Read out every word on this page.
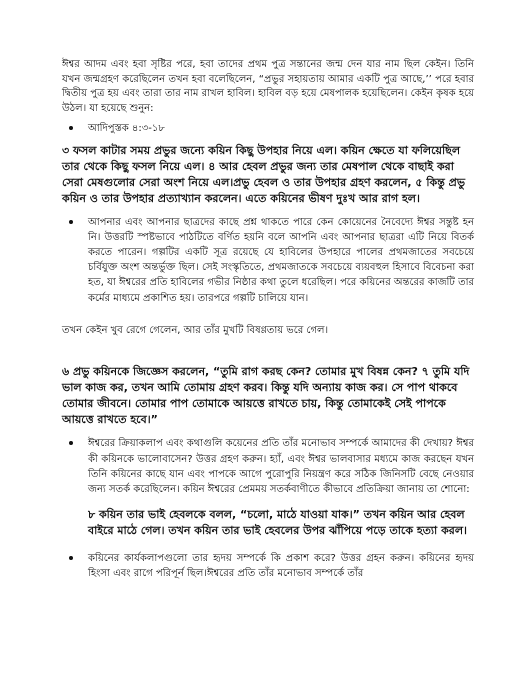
ঈশ্বর আদম এবং হবা সৃষ্টির পরে, হবা তাদের প্রথম পুত্র সন্তানের জন্ম দেন যার নাম ছিল কেইন। তিনি যখন জন্মগ্রহণ করেছিলেন তখন হবা বলেছিলেন, “প্রভুর সহায়তায় আমার একটি পুত্র আছে,’’ পরে হবার দ্বিতীয় পুত্র হয় এবং তারা তার নাম রাখল হাবিল। হাবিল বড় হয়ে মেষপালক হয়েছিলেন। কেইন কৃষক হয়ে উঠল। যা হয়েছে শুনুন:

আদিপুস্তক ৪:৩-১৮

৩ ফসল কাটার সময় প্রভুর জন্যে কয়িন কিছু উপহার নিয়ে এল। কয়িন ক্ষেতে যা ফলিয়েছিল তার থেকে কিছু ফসল নিয়ে এল। ৪ আর হেবল প্রভুর জন্য তার মেষপাল থেকে বাছাই করা সেরা মেষগুলোর সেরা অংশ নিয়ে এল।প্রভু হেবল ও তার উপহার গ্রহণ করলেন, ৫ কিন্তু প্রভু কয়িন ও তার উপহার প্রত্যাখ্যান করলেন। এতে কয়িনের ভীষণ দুঃখ আর রাগ হল।

আপনার এবং আপনার ছাত্রদের কাছে প্রশ্ন থাকতে পারে কেন কোয়েনের নৈবেদ্যে ঈশ্বর সন্তুষ্ট হন নি। উত্তরটি স্পষ্টভাবে পাঠটিতে বর্ণিত হয়নি বলে আপনি এবং আপনার ছাত্ররা এটি নিয়ে বিতর্ক করতে পারেন। গল্পটির একটি সূত্র রয়েছে যে হাবিলের উপহারে পালের প্রথমজাতের সবচেয়ে চর্বিযুক্ত অংশ অন্তর্ভুক্ত ছিল। সেই সংস্কৃতিতে, প্রথমজাতকে সবচেয়ে ব্যয়বহুল হিসাবে বিবেচনা করা হত, যা ঈশ্বরের প্রতি হাবিলের গভীর নিষ্ঠার কথা তুলে ধরেছিল। পরে কয়িনের অন্তরের কাজটি তার কর্মের মাধ্যমে প্রকাশিত হয়। তারপরে গল্পটি চালিয়ে যান।

তখন কেইন খুব রেগে গেলেন, আর তাঁর মুখটি বিষণ্ণতায় ভরে গেল।

৬ প্রভু কয়িনকে জিজ্ঞেস করলেন, “তুমি রাগ করছ কেন? তোমার মুখ বিষন্ন কেন? ৭ তুমি যদি ভাল কাজ কর, তখন আমি তোমায় গ্রহণ করব। কিন্তু যদি অন্যায় কাজ কর। সে পাপ থাকবে তোমার জীবনে। তোমার পাপ তোমাকে আয়ত্তে রাখতে চায়, কিন্তু তোমাকেই সেই পাপকে আয়ত্তে রাখতে হবে।”

ঈশ্বরের ক্রিয়াকলাপ এবং কথাগুলি কয়েনের প্রতি তাঁর মনোভাব সম্পর্কে আমাদের কী দেখায়? ঈশ্বর কী কয়িনকে ভালোবাসেন? উত্তর গ্রহণ করুন। হ্যাঁ, এবং ঈশ্বর ভালবাসার মধ্যমে কাজ করছেন যখন তিনি কয়িনের কাছে যান এবং পাপকে আগে পুরোপুরি নিয়ন্ত্রণ করে সঠিক জিনিসটি বেছে নেওয়ার জন্য সতর্ক করেছিলেন। কয়িন ঈশ্বরের প্রেমময় সতর্কবাণীতে কীভাবে প্রতিক্রিয়া জানায় তা শোনো:

৮ কয়িন তার ভাই হেবলকে বলল, “চলো, মাঠে যাওয়া যাক।” তখন কয়িন আর হেবল বাইরে মাঠে গেল। তখন কয়িন তার ভাই হেবলের উপর ঝাঁপিয়ে পড়ে তাকে হত্যা করল।

কয়িনের কার্যকলাপগুলো তার হৃদয় সম্পর্কে কি প্রকাশ করে? উত্তর গ্রহন করুন। কয়িনের হৃদয় হিংসা এবং রাগে পরিপূর্ন ছিল।ঈশ্বরের প্রতি তাঁর মনোভাব সম্পর্কে তাঁর
